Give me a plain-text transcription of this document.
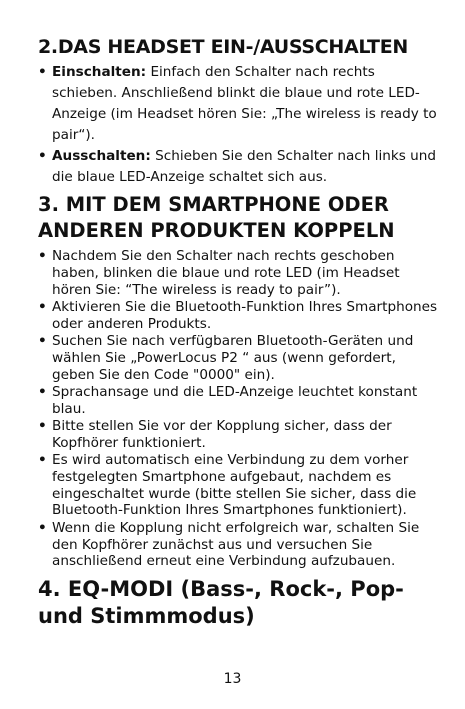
2.DAS HEADSET EIN-/AUSSCHALTEN
• Einschalten: Einfach den Schalter nach rechts schieben. Anschließend blinkt die blaue und rote LED-Anzeige (im Headset hören Sie: „The wireless is ready to pair“).
• Ausschalten: Schieben Sie den Schalter nach links und die blaue LED-Anzeige schaltet sich aus.
3. MIT DEM SMARTPHONE ODER ANDEREN PRODUKTEN KOPPELN
• Nachdem Sie den Schalter nach rechts geschoben haben, blinken die blaue und rote LED (im Headset hören Sie: “The wireless is ready to pair”).
• Aktivieren Sie die Bluetooth-Funktion Ihres Smartphones oder anderen Produkts.
• Suchen Sie nach verfügbaren Bluetooth-Geräten und wählen Sie „PowerLocus P2 “ aus (wenn gefordert, geben Sie den Code "0000" ein).
• Sprachansage und die LED-Anzeige leuchtet konstant blau.
• Bitte stellen Sie vor der Kopplung sicher, dass der Kopfhörer funktioniert.
• Es wird automatisch eine Verbindung zu dem vorher festgelegten Smartphone aufgebaut, nachdem es eingeschaltet wurde (bitte stellen Sie sicher, dass die Bluetooth-Funktion Ihres Smartphones funktioniert).
• Wenn die Kopplung nicht erfolgreich war, schalten Sie den Kopfhörer zunächst aus und versuchen Sie anschließend erneut eine Verbindung aufzubauen.
4. EQ-MODI (Bass-, Rock-, Pop- und Stimmmodus)
13
